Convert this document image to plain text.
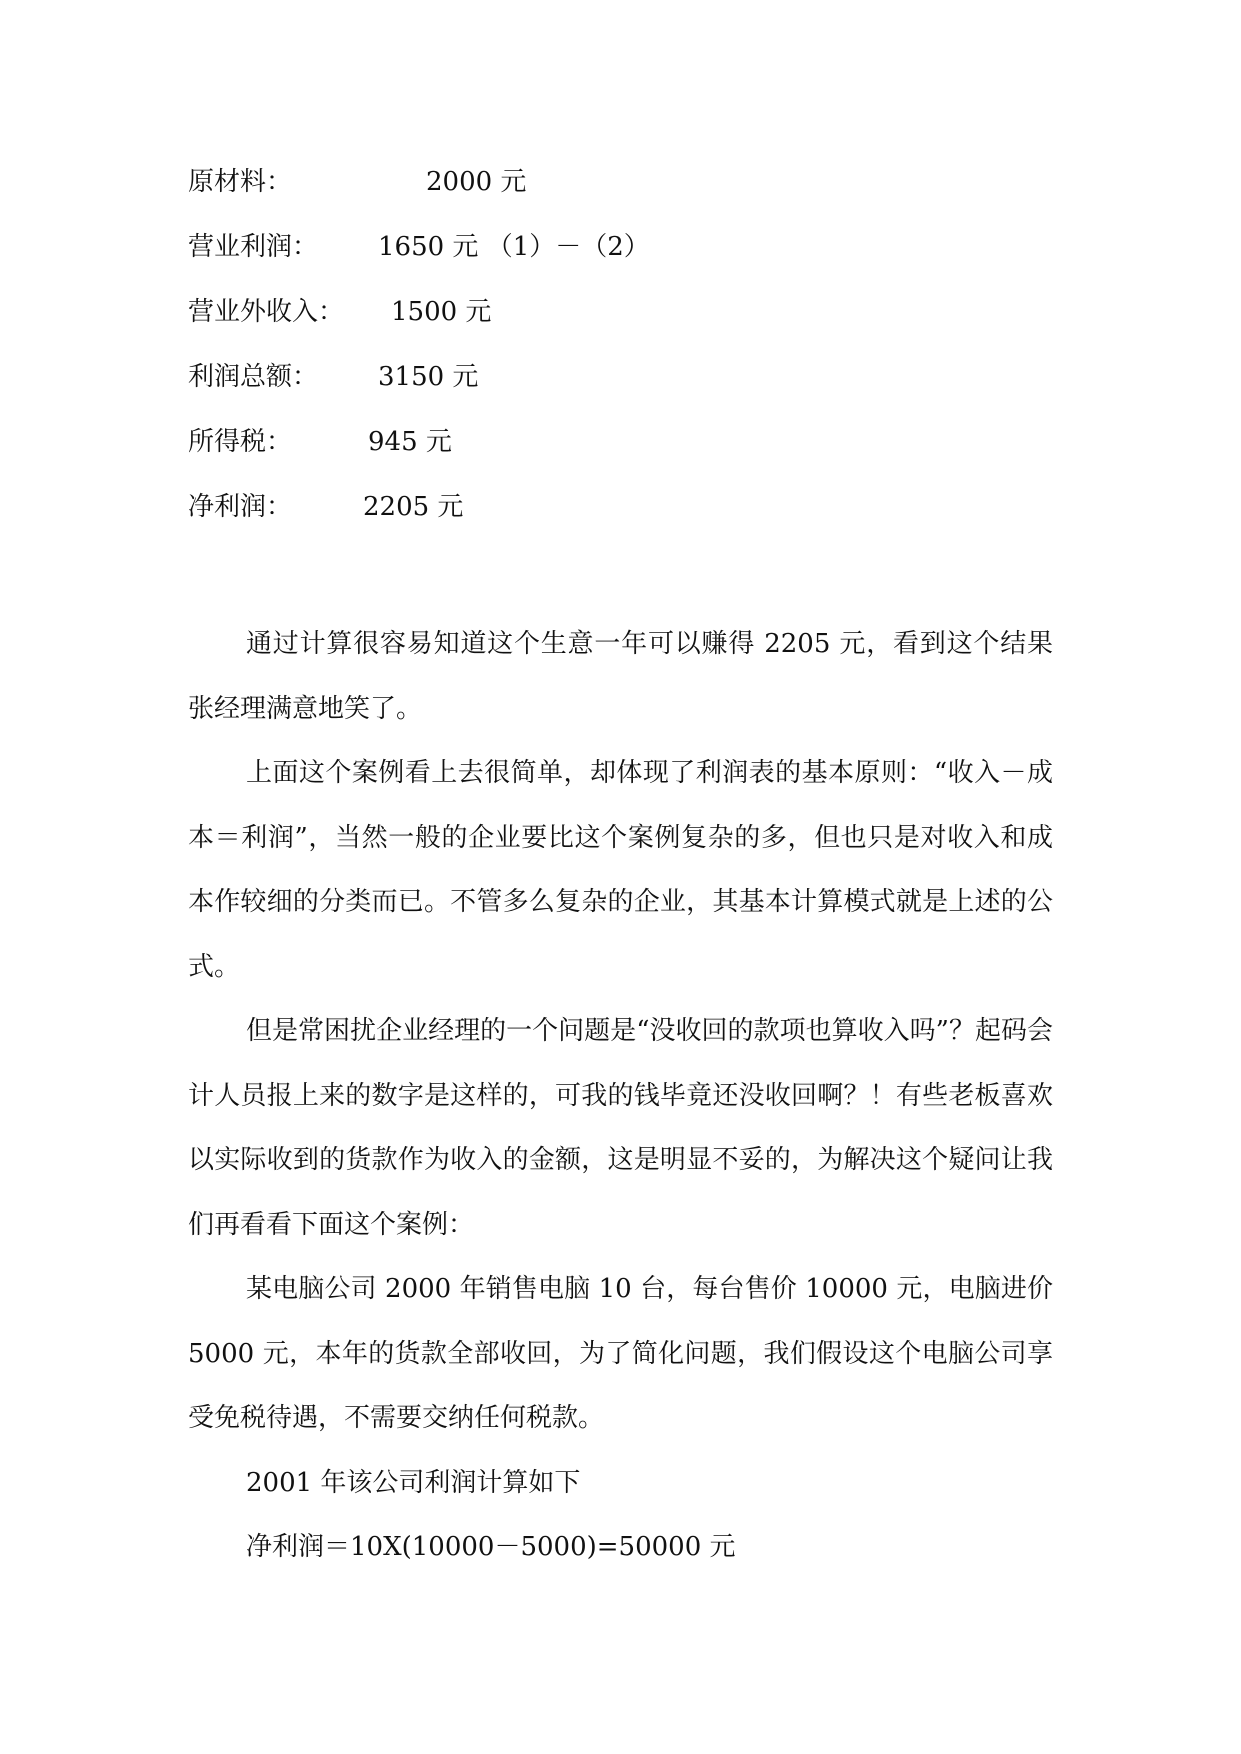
原材料：	2000 元
营业利润： 1650 元 （1）－（2）
营业外收入： 1500 元
利润总额： 3150 元
所得税：	945 元
净利润：	2205 元

通过计算很容易知道这个生意一年可以赚得 2205 元，看到这个结果张经理满意地笑了。

上面这个案例看上去很简单，却体现了利润表的基本原则：“收入－成本＝利润”，当然一般的企业要比这个案例复杂的多，但也只是对收入和成本作较细的分类而已。不管多么复杂的企业，其基本计算模式就是上述的公式。

但是常困扰企业经理的一个问题是“没收回的款项也算收入吗”？起码会计人员报上来的数字是这样的，可我的钱毕竟还没收回啊？！有些老板喜欢以实际收到的货款作为收入的金额，这是明显不妥的，为解决这个疑问让我们再看看下面这个案例：

某电脑公司 2000 年销售电脑 10 台，每台售价 10000 元，电脑进价 5000 元，本年的货款全部收回，为了简化问题，我们假设这个电脑公司享受免税待遇，不需要交纳任何税款。

2001 年该公司利润计算如下

净利润＝10X(10000－5000)=50000 元
